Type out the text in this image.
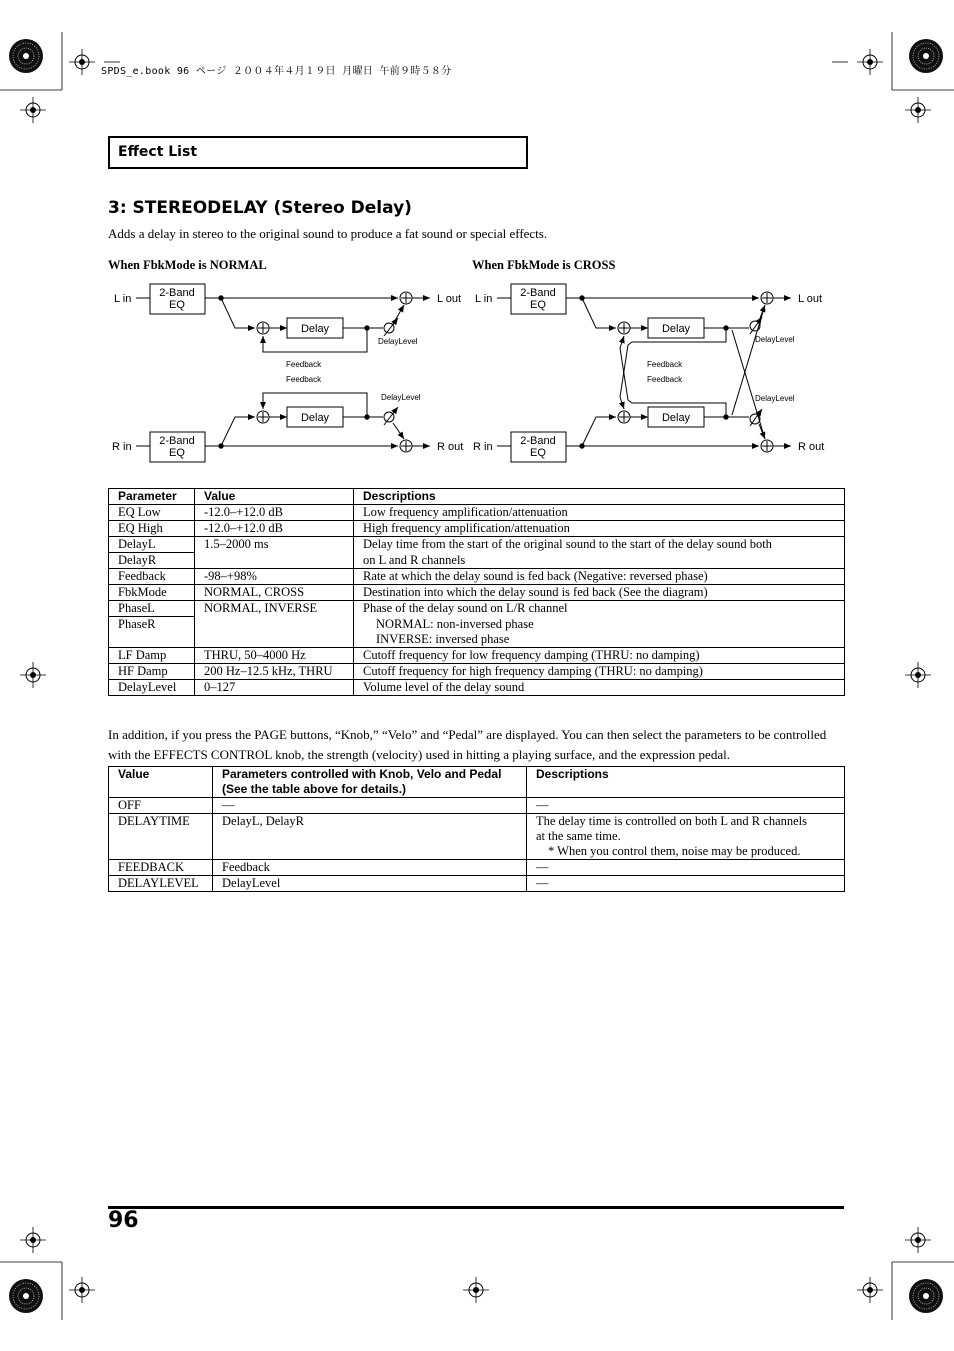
SPDS_e.book 96 ページ ２００４年４月１９日 月曜日 午前９時５８分
Effect List
3: STEREODELAY (Stereo Delay)
Adds a delay in stereo to the original sound to produce a fat sound or special effects.
When FbkMode is NORMAL	When FbkMode is CROSS
L in	2-Band
EQ	L out
Delay
DelayLevel
Feedback
Feedback
R in	2-Band
EQ	R out
Delay
DelayLevel
L in	2-Band
EQ	L out
Delay
R in	2-Band
EQ	R out
Delay
DelayLevel
DelayLevel
Feedback
Feedback
Parameter	Value	Descriptions
EQ Low	-12.0–+12.0 dB	Low frequency amplification/attenuation
EQ High	-12.0–+12.0 dB	High frequency amplification/attenuation
DelayL	1.5–2000 ms	Delay time from the start of the original sound to the start of the delay sound both
DelayR		on L and R channels
Feedback	-98–+98%	Rate at which the delay sound is fed back (Negative: reversed phase)
FbkMode	NORMAL, CROSS	Destination into which the delay sound is fed back (See the diagram)
PhaseL	NORMAL, INVERSE	Phase of the delay sound on L/R channel
PhaseR		NORMAL: non-inversed phase
		INVERSE: inversed phase
LF Damp	THRU, 50–4000 Hz	Cutoff frequency for low frequency damping (THRU: no damping)
HF Damp	200 Hz–12.5 kHz, THRU	Cutoff frequency for high frequency damping (THRU: no damping)
DelayLevel	0–127	Volume level of the delay sound
In addition, if you press the PAGE buttons, “Knob,” “Velo” and “Pedal” are displayed. You can then select the parameters to be controlled with the EFFECTS CONTROL knob, the strength (velocity) used in hitting a playing surface, and the expression pedal.
Value	Parameters controlled with Knob, Velo and Pedal
(See the table above for details.)	Descriptions
OFF	—	—
DELAYTIME	DelayL, DelayR	The delay time is controlled on both L and R channels
		at the same time.
		* When you control them, noise may be produced.
FEEDBACK	Feedback	—
DELAYLEVEL	DelayLevel	—
96
